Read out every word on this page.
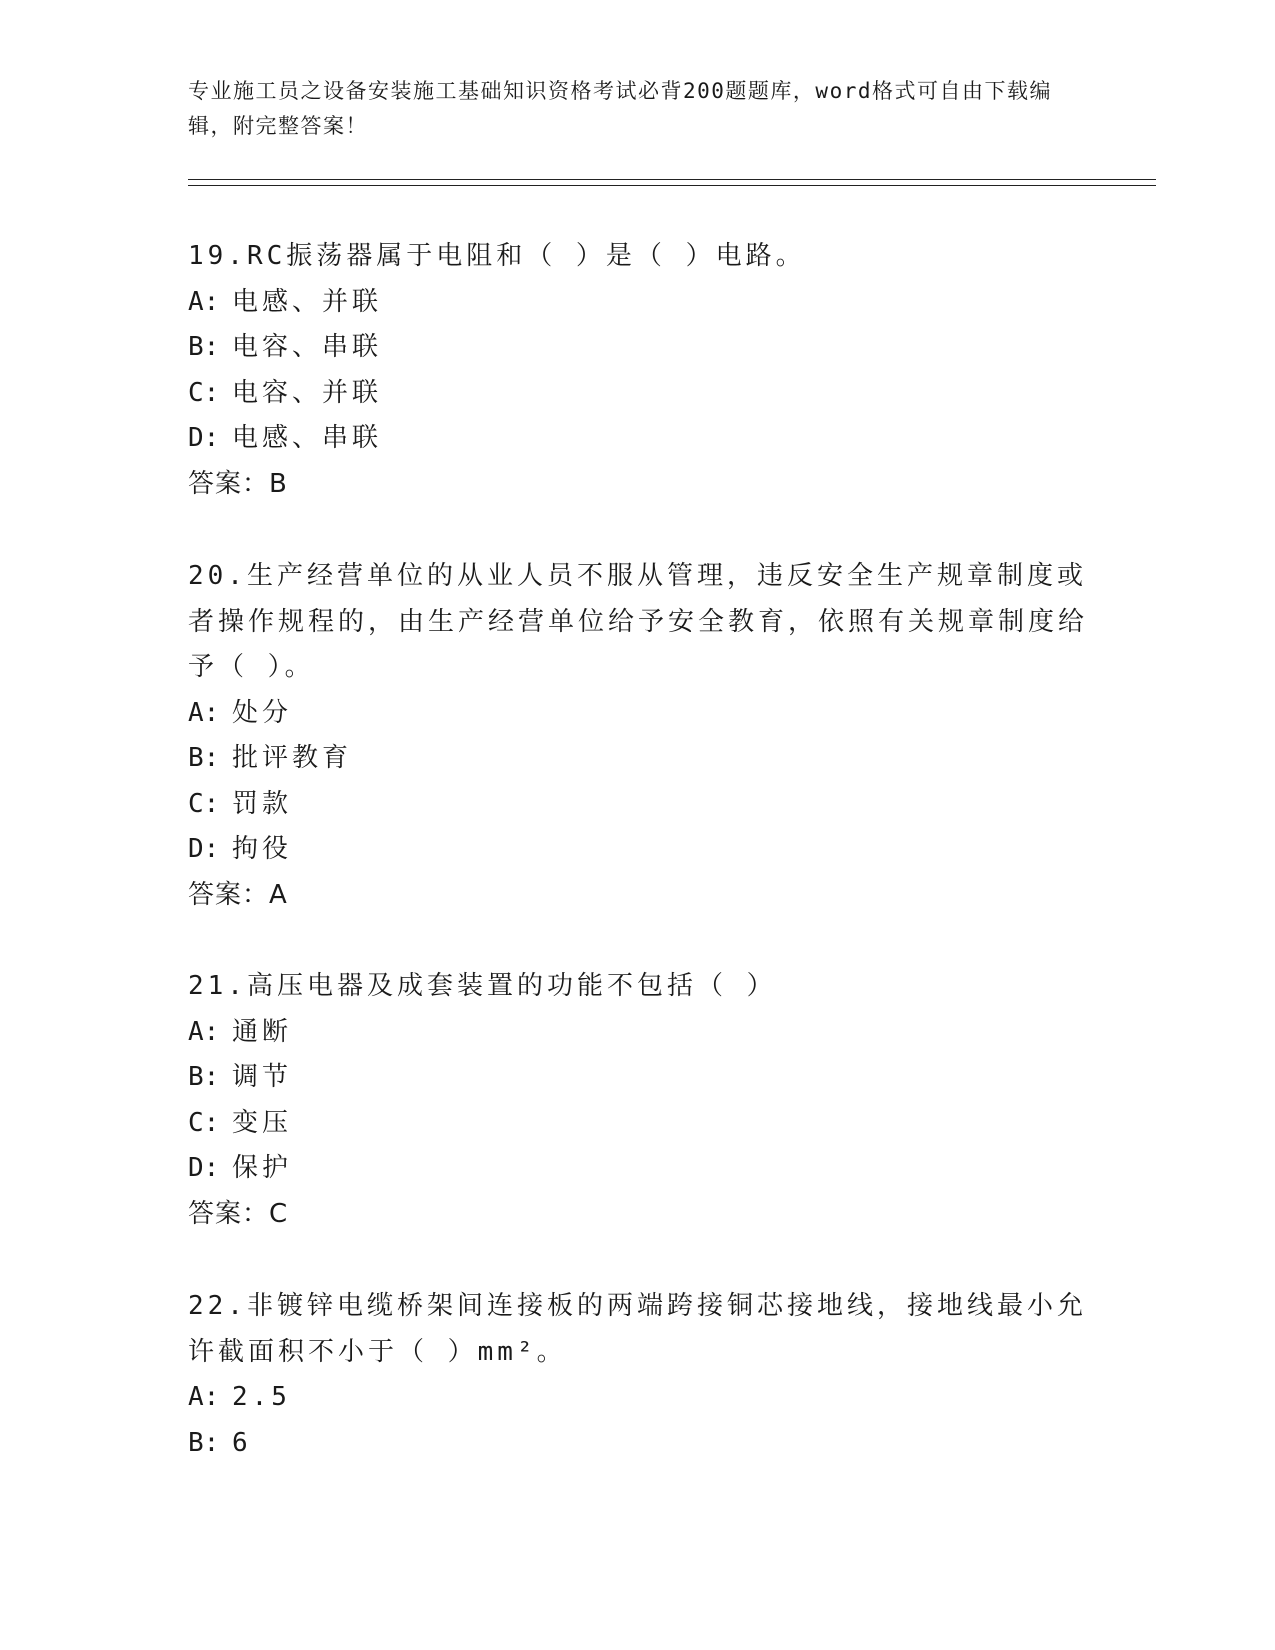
专业施工员之设备安装施工基础知识资格考试必背200题题库，word格式可自由下载编辑，附完整答案！

19.RC振荡器属于电阻和（ ）是（ ）电路。

A: 电感、并联

B: 电容、串联

C: 电容、并联

D: 电感、串联

答案：B

20.生产经营单位的从业人员不服从管理，违反安全生产规章制度或者操作规程的，由生产经营单位给予安全教育，依照有关规章制度给予（ ）。

A: 处分

B: 批评教育

C: 罚款

D: 拘役

答案：A

21.高压电器及成套装置的功能不包括（ ）

A: 通断

B: 调节

C: 变压

D: 保护

答案：C

22.非镀锌电缆桥架间连接板的两端跨接铜芯接地线，接地线最小允许截面积不小于（ ）mm²。

A: 2.5

B: 6
